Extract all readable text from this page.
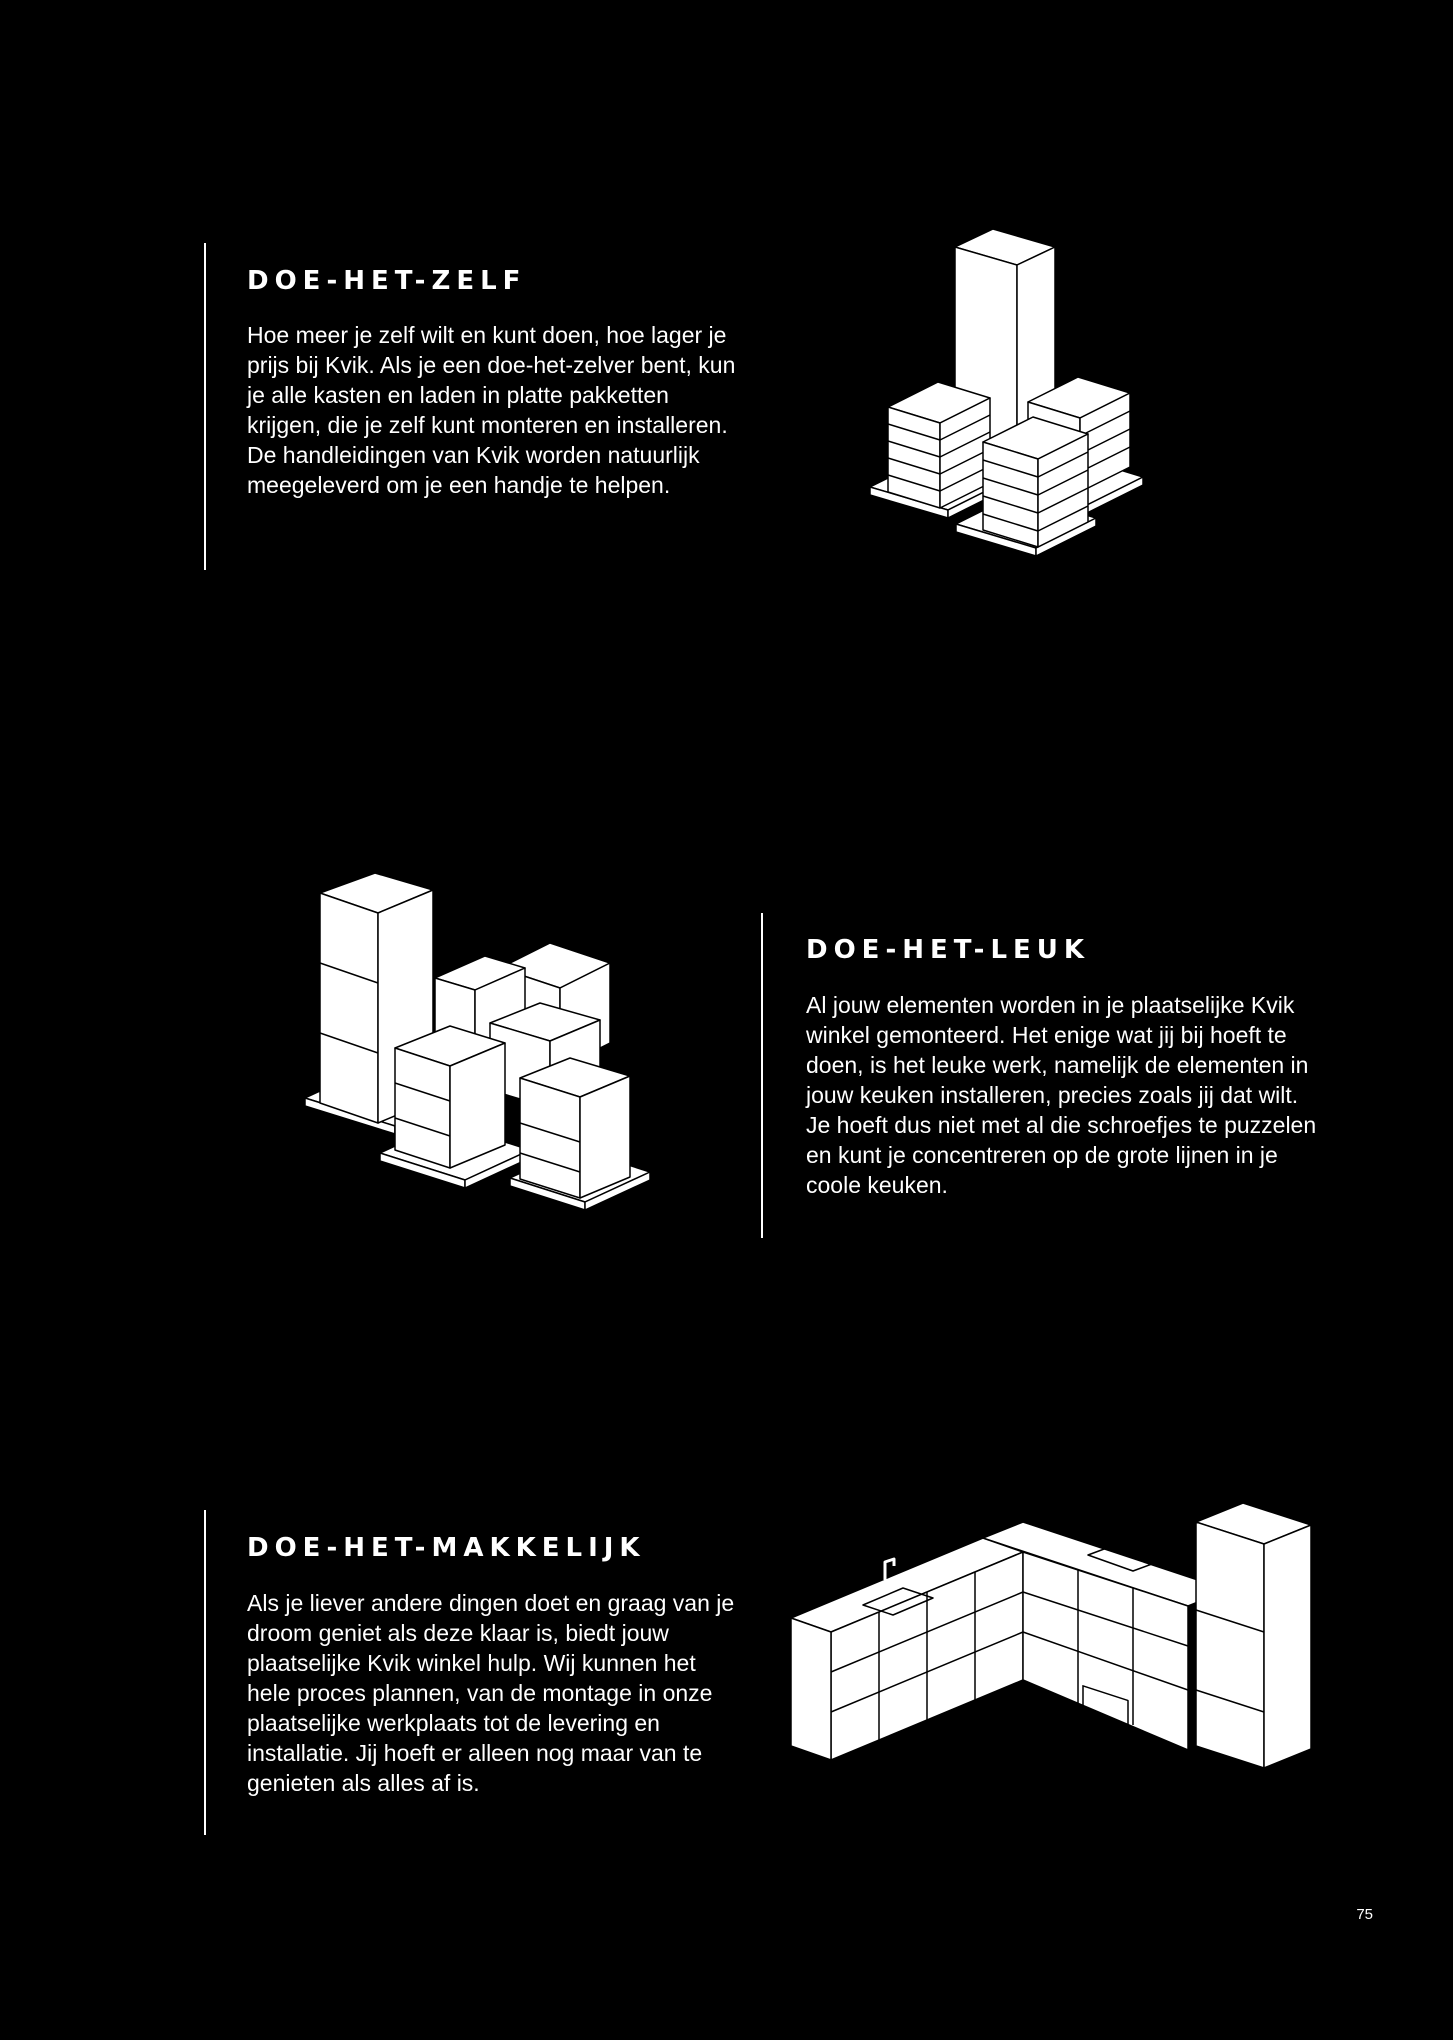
DOE-HET-ZELF

Hoe meer je zelf wilt en kunt doen, hoe lager je prijs bij Kvik. Als je een doe-het-zelver bent, kun je alle kasten en laden in platte pakketten krijgen, die je zelf kunt monteren en installeren. De handleidingen van Kvik worden natuurlijk meegeleverd om je een handje te helpen.

DOE-HET-LEUK

Al jouw elementen worden in je plaatselijke Kvik winkel gemonteerd. Het enige wat jij bij hoeft te doen, is het leuke werk, namelijk de elementen in jouw keuken installeren, precies zoals jij dat wilt. Je hoeft dus niet met al die schroefjes te puzzelen en kunt je concentreren op de grote lijnen in je coole keuken.

DOE-HET-MAKKELIJK

Als je liever andere dingen doet en graag van je droom geniet als deze klaar is, biedt jouw plaatselijke Kvik winkel hulp. Wij kunnen het hele proces plannen, van de montage in onze plaatselijke werkplaats tot de levering en installatie. Jij hoeft er alleen nog maar van te genieten als alles af is.

75
